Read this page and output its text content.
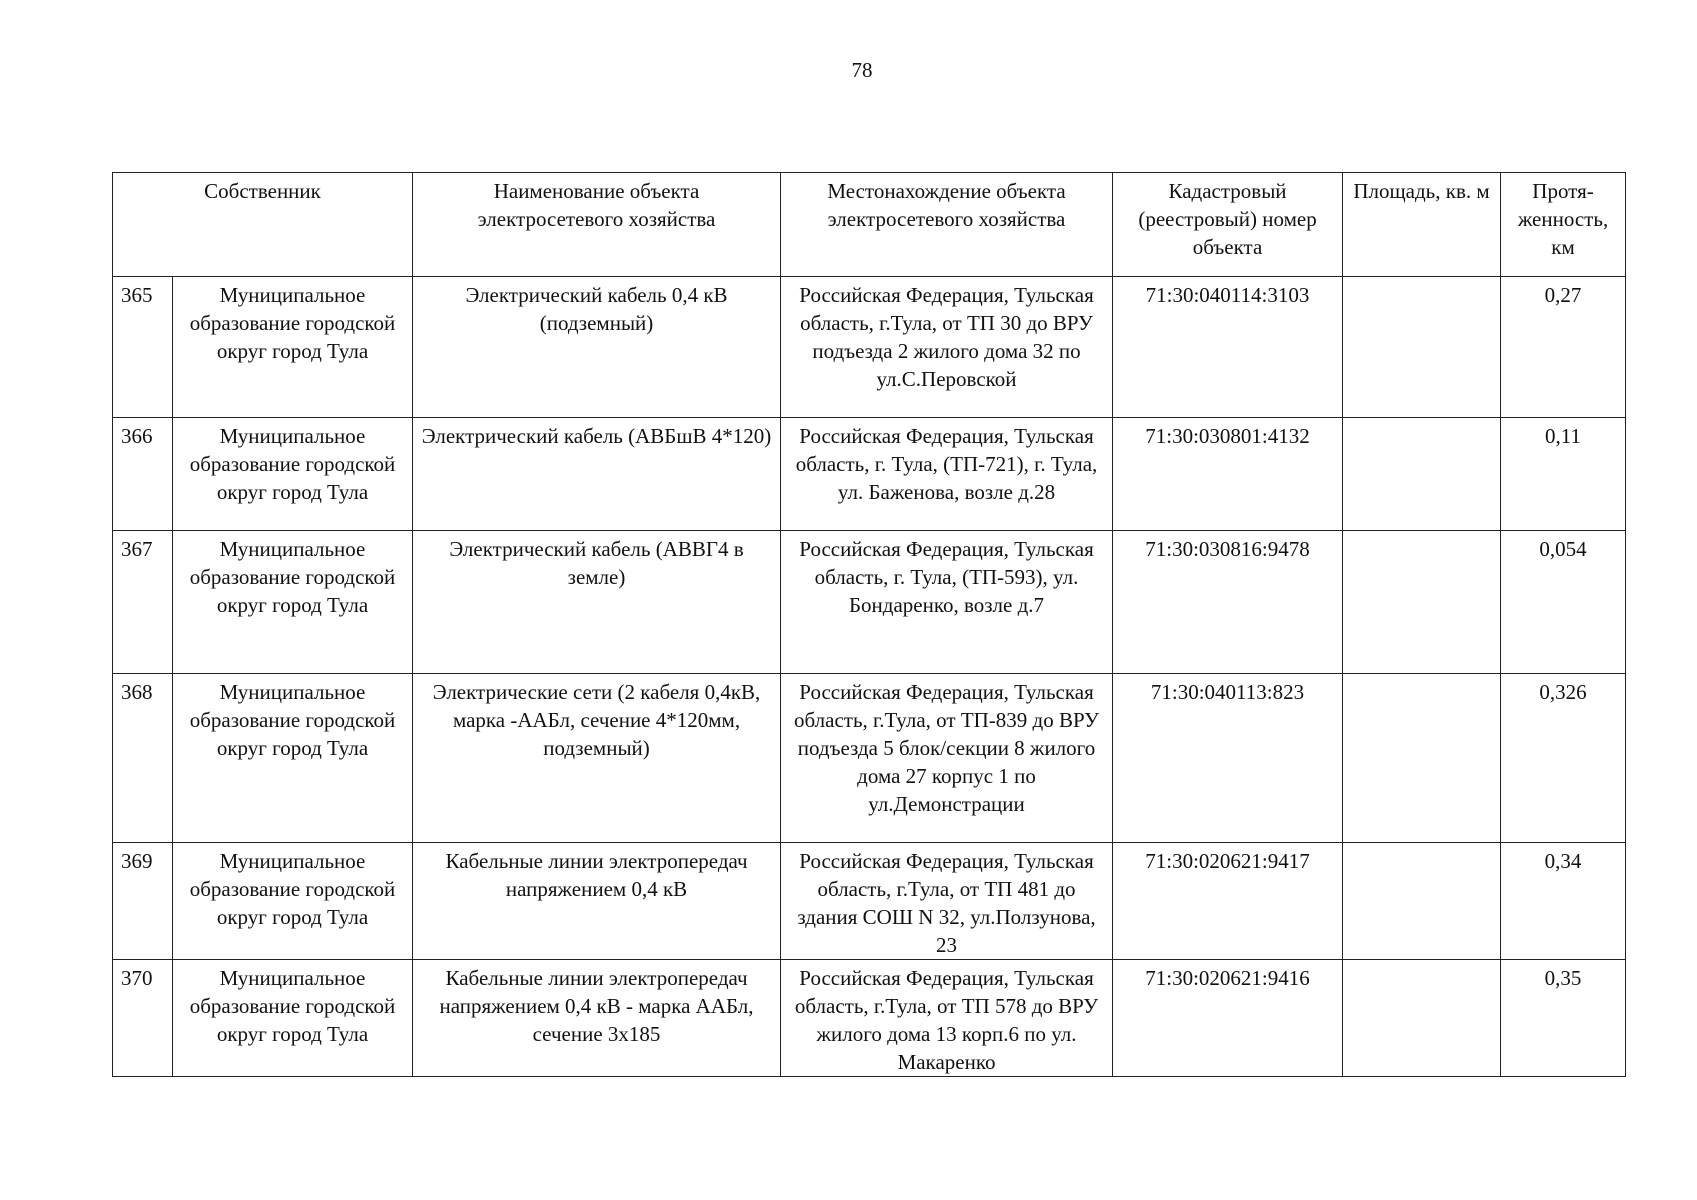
78
Собственник		Наименование объекта электросетевого хозяйства	Местонахождение объекта электросетевого хозяйства	Кадастровый (реестровый) номер объекта	Площадь, кв. м	Протя-женность, км
365	Муниципальное образование городской округ город Тула	Электрический кабель 0,4 кВ (подземный)	Российская Федерация, Тульская область, г.Тула, от ТП 30 до ВРУ подъезда 2 жилого дома 32 по ул.С.Перовской	71:30:040114:3103		0,27
366	Муниципальное образование городской округ город Тула	Электрический кабель (АВБшВ 4*120)	Российская Федерация, Тульская область, г. Тула, (ТП-721), г. Тула, ул. Баженова, возле д.28	71:30:030801:4132		0,11
367	Муниципальное образование городской округ город Тула	Электрический кабель (АВВГ4 в земле)	Российская Федерация, Тульская область, г. Тула, (ТП-593), ул. Бондаренко, возле д.7	71:30:030816:9478		0,054
368	Муниципальное образование городской округ город Тула	Электрические сети (2 кабеля 0,4кВ, марка -ААБл, сечение 4*120мм, подземный)	Российская Федерация, Тульская область, г.Тула, от ТП-839 до ВРУ подъезда 5 блок/секции 8 жилого дома 27 корпус 1 по ул.Демонстрации	71:30:040113:823		0,326
369	Муниципальное образование городской округ город Тула	Кабельные линии электропередач напряжением 0,4 кВ	Российская Федерация, Тульская область, г.Тула, от ТП 481 до здания СОШ N 32, ул.Ползунова, 23	71:30:020621:9417		0,34
370	Муниципальное образование городской округ город Тула	Кабельные линии электропередач напряжением 0,4 кВ - марка ААБл, сечение 3х185	Российская Федерация, Тульская область, г.Тула, от ТП 578 до ВРУ жилого дома 13 корп.6 по ул. Макаренко	71:30:020621:9416		0,35
